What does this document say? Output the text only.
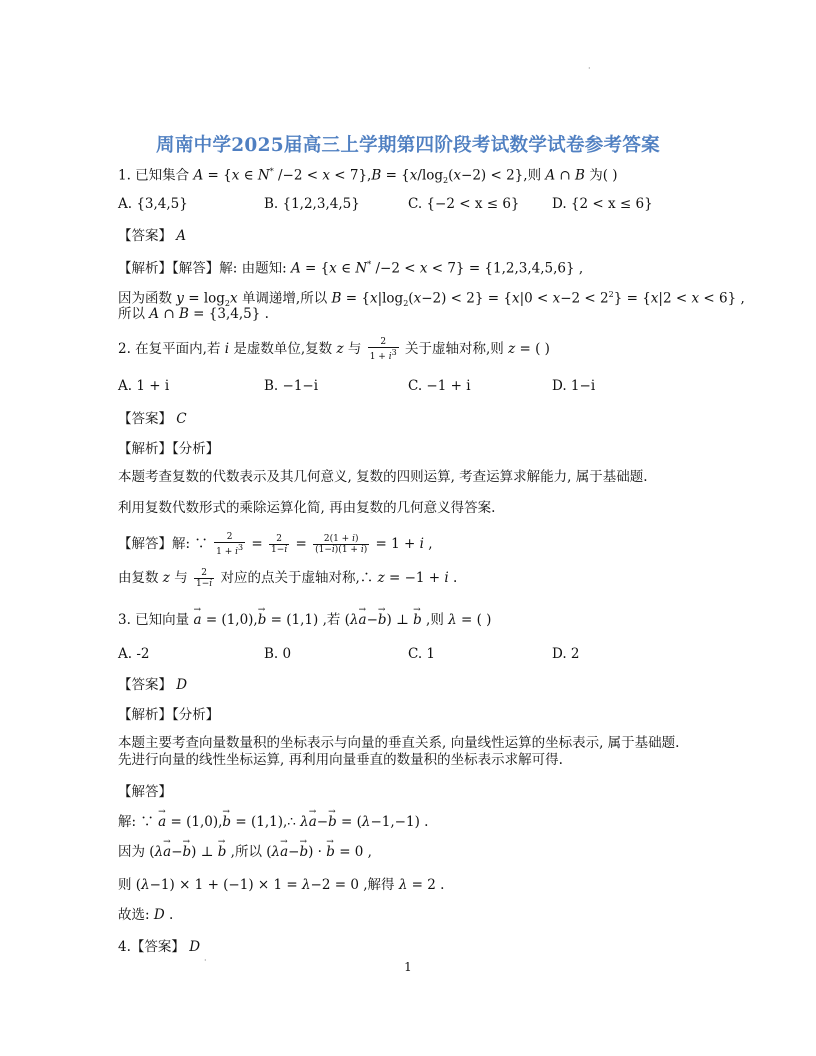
·
周南中学2025届高三上学期第四阶段考试数学试卷参考答案
1. 已知集合 A = {x ∈ N* $/-2 < x < 7\},B = \{x/\log_2(x-2) < 2\}$,则 A ∩ B 为( )
A. {3,4,5}	B. {1,2,3,4,5}	C. {−2 < x ≤ 6} D. {2 < x ≤ 6}
【答案】 A
【解析】【解答】解: 由题知: A = {x ∈ N* /−2 < x < 7} = {1,2,3,4,5,6} ,
因为函数 $y = \log_2x$ 单调递增,所以 $B = \{x|\log_2(x-2) < 2\} = \{x|0 < x-2 < 2^2\} = \{x|2 < x < 6\}$ ,
所以 A ∩ B = {3,4,5} .
2. 在复平面内,若 i 是虚数单位,复数 z 与 $\frac{2}{1 + i^3}$ 关于虚轴对称,则 z = ( )
A. 1 + i	B. −1−i	C. −1 + i	D. 1−i
【答案】 C
【解析】【分析】
本题考查复数的代数表示及其几何意义, 复数的四则运算, 考查运算求解能力, 属于基础题.
利用复数代数形式的乘除运算化简, 再由复数的几何意义得答案.
【解答】解: ∵ $\frac{2}{1 + i^3} = \frac{2}{1-i} = \frac{2(1 + i)}{(1-i)(1 + i)} = 1 + i$ ,
由复数 z 与 $\frac{2}{1-i}$ 对应的点关于虚轴对称,∴ z = −1 + i .
3. 已知向量 → a = (1,0),→ b = (1,1) ,若 (λ→ a−→ b) ⊥ → b ,则 λ = ( )
A. -2	B. 0	C. 1	D. 2
【答案】 D
【解析】【分析】
本题主要考查向量数量积的坐标表示与向量的垂直关系, 向量线性运算的坐标表示, 属于基础题.
先进行向量的线性坐标运算, 再利用向量垂直的数量积的坐标表示求解可得.
【解答】
解: ∵ → a = (1,0),→ b = (1,1),∴ λ→ a−→ b = (λ−1,−1) .
因为 (λ→ a−→ b) ⊥ → b ,所以 (λ→ a−→ b) · → b = 0 ,
则 (λ−1) × 1 + (−1) × 1 = λ−2 = 0 ,解得 λ = 2 .
故选: D .
4.【答案】 D
·	1
